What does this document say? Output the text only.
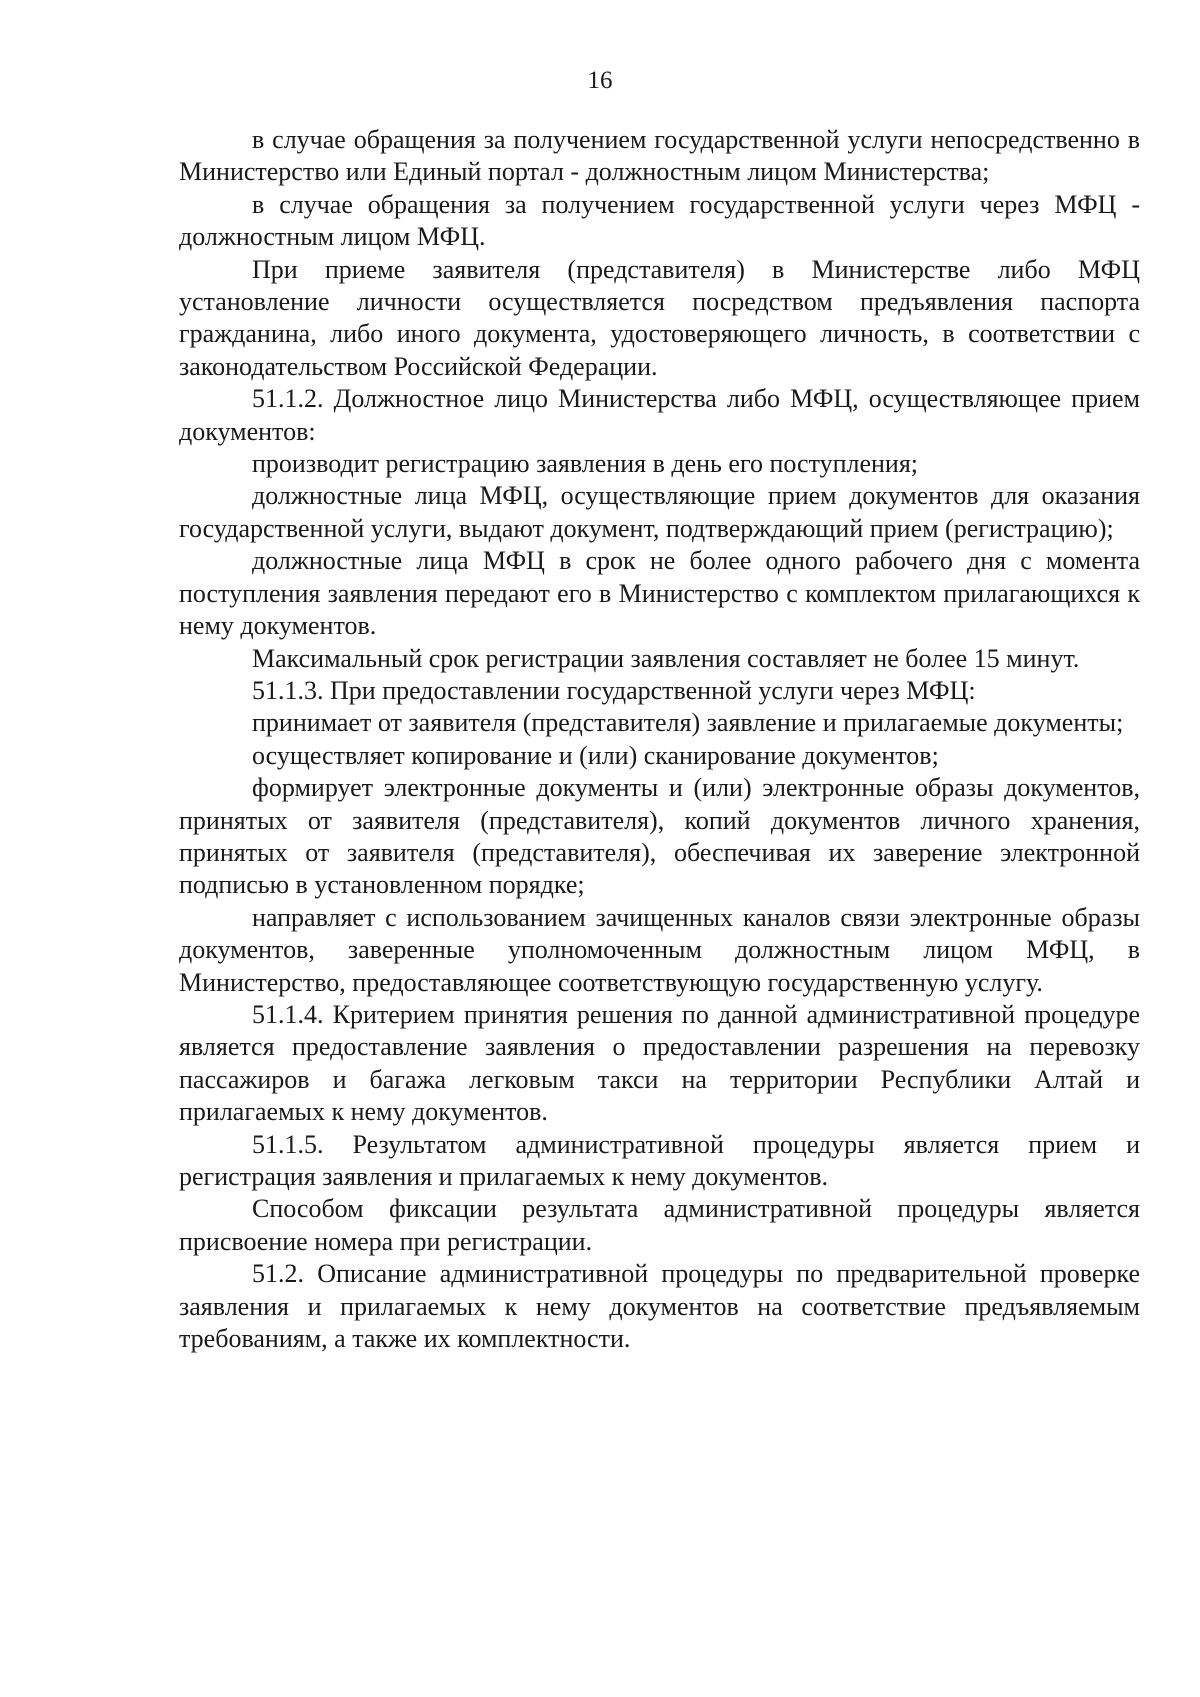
16

в случае обращения за получением государственной услуги непосредственно в Министерство или Единый портал - должностным лицом Министерства;

в случае обращения за получением государственной услуги через МФЦ - должностным лицом МФЦ.

При приеме заявителя (представителя) в Министерстве либо МФЦ установление личности осуществляется посредством предъявления паспорта гражданина, либо иного документа, удостоверяющего личность, в соответствии с законодательством Российской Федерации.

51.1.2. Должностное лицо Министерства либо МФЦ, осуществляющее прием документов:

производит регистрацию заявления в день его поступления;

должностные лица МФЦ, осуществляющие прием документов для оказания государственной услуги, выдают документ, подтверждающий прием (регистрацию);

должностные лица МФЦ в срок не более одного рабочего дня с момента поступления заявления передают его в Министерство с комплектом прилагающихся к нему документов.

Максимальный срок регистрации заявления составляет не более 15 минут.

51.1.3. При предоставлении государственной услуги через МФЦ:

принимает от заявителя (представителя) заявление и прилагаемые документы;

осуществляет копирование и (или) сканирование документов;

формирует электронные документы и (или) электронные образы документов, принятых от заявителя (представителя), копий документов личного хранения, принятых от заявителя (представителя), обеспечивая их заверение электронной подписью в установленном порядке;

направляет с использованием зачищенных каналов связи электронные образы документов, заверенные уполномоченным должностным лицом МФЦ, в Министерство, предоставляющее соответствующую государственную услугу.

51.1.4. Критерием принятия решения по данной административной процедуре является предоставление заявления о предоставлении разрешения на перевозку пассажиров и багажа легковым такси на территории Республики Алтай и прилагаемых к нему документов.

51.1.5. Результатом административной процедуры является прием и регистрация заявления и прилагаемых к нему документов.

Способом фиксации результата административной процедуры является присвоение номера при регистрации.

51.2. Описание административной процедуры по предварительной проверке заявления и прилагаемых к нему документов на соответствие предъявляемым требованиям, а также их комплектности.
